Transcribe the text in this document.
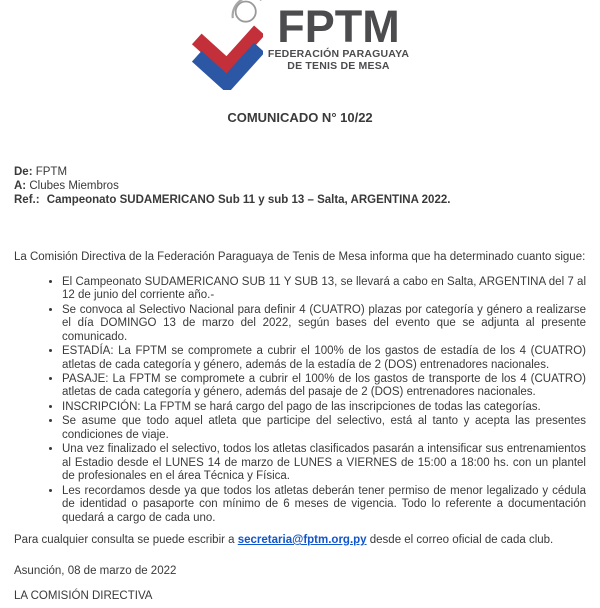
FPTM
FEDERACIÓN PARAGUAYA
DE TENIS DE MESA
COMUNICADO N° 10/22
De: FPTM
A: Clubes Miembros
Ref.: Campeonato SUDAMERICANO Sub 11 y sub 13 – Salta, ARGENTINA 2022.

La Comisión Directiva de la Federación Paraguaya de Tenis de Mesa informa que ha determinado cuanto sigue:

• El Campeonato SUDAMERICANO SUB 11 Y SUB 13, se llevará a cabo en Salta, ARGENTINA del 7 al 12 de junio del corriente año.-
• Se convoca al Selectivo Nacional para definir 4 (CUATRO) plazas por categoría y género a realizarse el día DOMINGO 13 de marzo del 2022, según bases del evento que se adjunta al presente comunicado.
• ESTADÍA: La FPTM se compromete a cubrir el 100% de los gastos de estadía de los 4 (CUATRO) atletas de cada categoría y género, además de la estadía de 2 (DOS) entrenadores nacionales.
• PASAJE: La FPTM se compromete a cubrir el 100% de los gastos de transporte de los 4 (CUATRO) atletas de cada categoría y género, además del pasaje de 2 (DOS) entrenadores nacionales.
• INSCRIPCIÓN: La FPTM se hará cargo del pago de las inscripciones de todas las categorías.
• Se asume que todo aquel atleta que participe del selectivo, está al tanto y acepta las presentes condiciones de viaje.
• Una vez finalizado el selectivo, todos los atletas clasificados pasarán a intensificar sus entrenamientos al Estadio desde el LUNES 14 de marzo de LUNES a VIERNES de 15:00 a 18:00 hs. con un plantel de profesionales en el área Técnica y Física.
• Les recordamos desde ya que todos los atletas deberán tener permiso de menor legalizado y cédula de identidad o pasaporte con mínimo de 6 meses de vigencia. Todo lo referente a documentación quedará a cargo de cada uno.

Para cualquier consulta se puede escribir a secretaria@fptm.org.py desde el correo oficial de cada club.

Asunción, 08 de marzo de 2022

LA COMISIÓN DIRECTIVA
